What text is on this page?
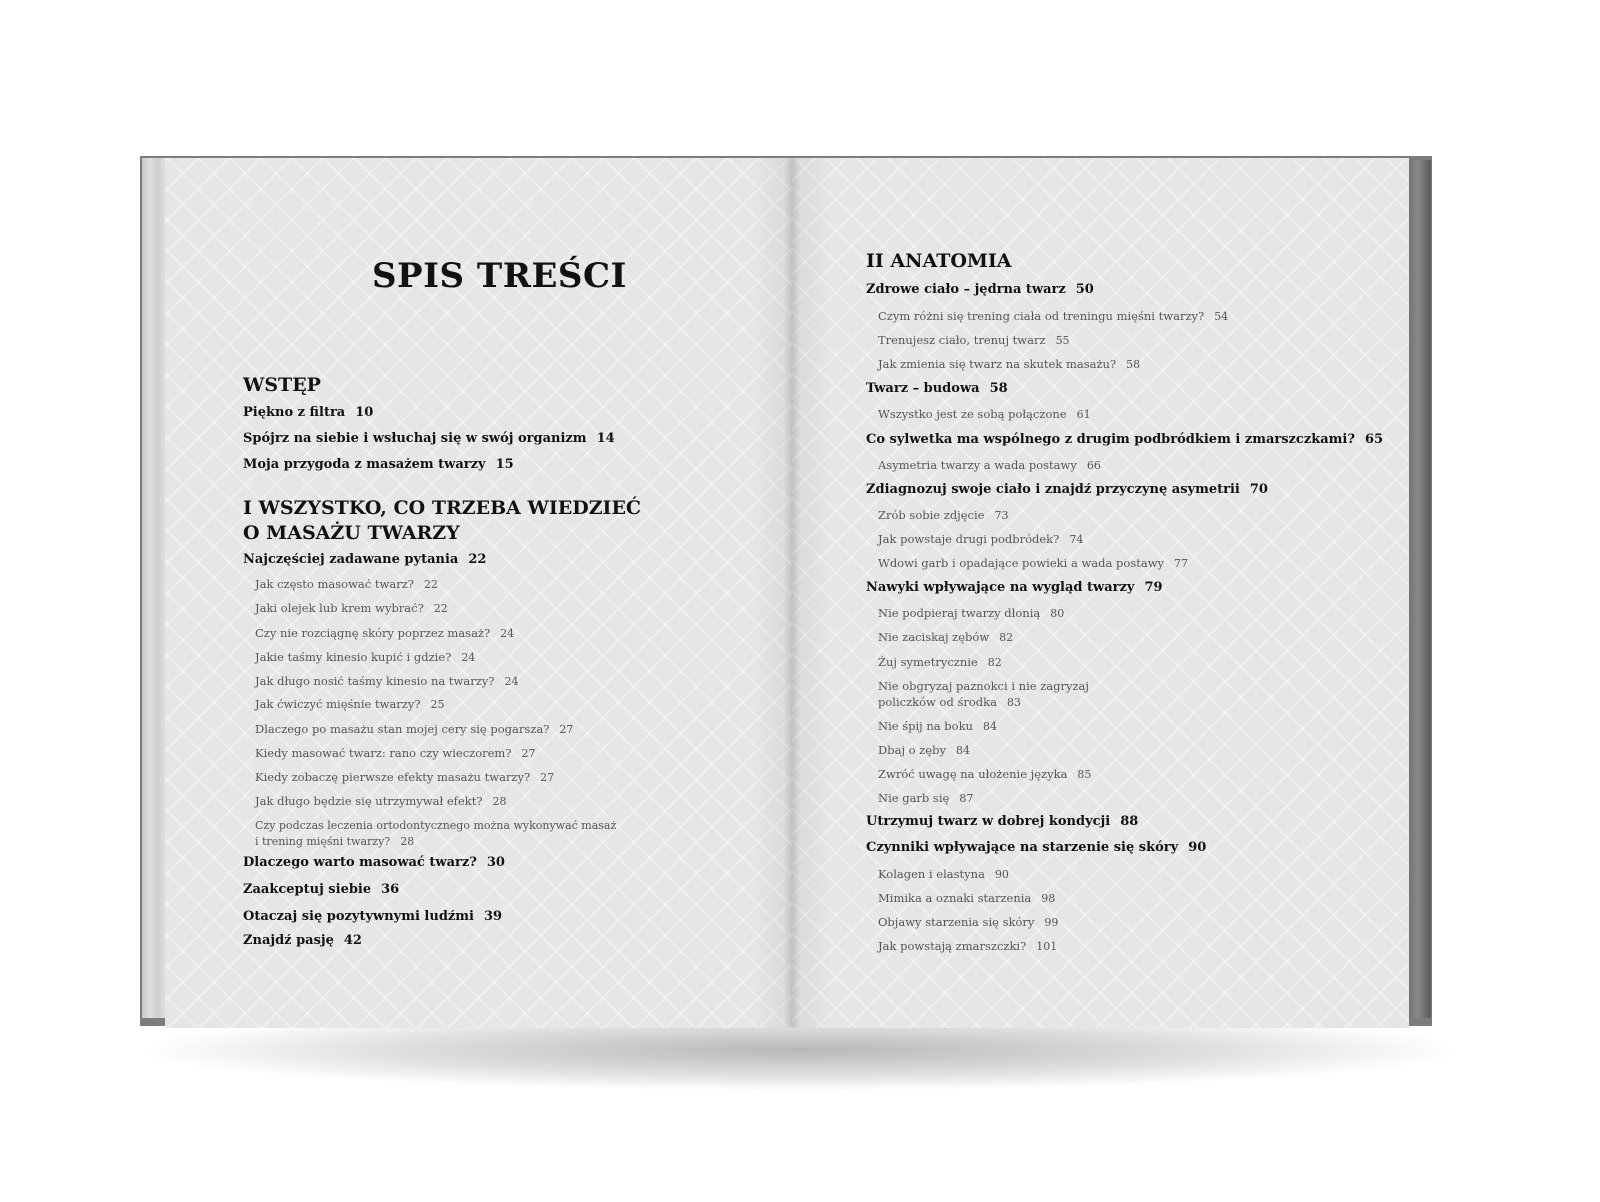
SPIS TREŚCI
WSTĘP
Piękno z filtra 10
Spójrz na siebie i wsłuchaj się w swój organizm 14
Moja przygoda z masażem twarzy 15
I WSZYSTKO, CO TRZEBA WIEDZIEĆ
O MASAŻU TWARZY
Najczęściej zadawane pytania 22
Jak często masować twarz? 22
Jaki olejek lub krem wybrać? 22
Czy nie rozciągnę skóry poprzez masaż? 24
Jakie taśmy kinesio kupić i gdzie? 24
Jak długo nosić taśmy kinesio na twarzy? 24
Jak ćwiczyć mięśnie twarzy? 25
Dlaczego po masażu stan mojej cery się pogarsza? 27
Kiedy masować twarz: rano czy wieczorem? 27
Kiedy zobaczę pierwsze efekty masażu twarzy? 27
Jak długo będzie się utrzymywał efekt? 28
Czy podczas leczenia ortodontycznego można wykonywać masaż
i trening mięśni twarzy? 28
Dlaczego warto masować twarz? 30
Zaakceptuj siebie 36
Otaczaj się pozytywnymi ludźmi 39
Znajdź pasję 42
II ANATOMIA
Zdrowe ciało – jędrna twarz 50
Czym różni się trening ciała od treningu mięśni twarzy? 54
Trenujesz ciało, trenuj twarz 55
Jak zmienia się twarz na skutek masażu? 58
Twarz – budowa 58
Wszystko jest ze sobą połączone 61
Co sylwetka ma wspólnego z drugim podbródkiem i zmarszczkami? 65
Asymetria twarzy a wada postawy 66
Zdiagnozuj swoje ciało i znajdź przyczynę asymetrii 70
Zrób sobie zdjęcie 73
Jak powstaje drugi podbródek? 74
Wdowi garb i opadające powieki a wada postawy 77
Nawyki wpływające na wygląd twarzy 79
Nie podpieraj twarzy dłonią 80
Nie zaciskaj zębów 82
Żuj symetrycznie 82
Nie obgryzaj paznokci i nie zagryzaj
policzków od środka 83
Nie śpij na boku 84
Dbaj o zęby 84
Zwróć uwagę na ułożenie języka 85
Nie garb się 87
Utrzymuj twarz w dobrej kondycji 88
Czynniki wpływające na starzenie się skóry 90
Kolagen i elastyna 90
Mimika a oznaki starzenia 98
Objawy starzenia się skóry 99
Jak powstają zmarszczki? 101
